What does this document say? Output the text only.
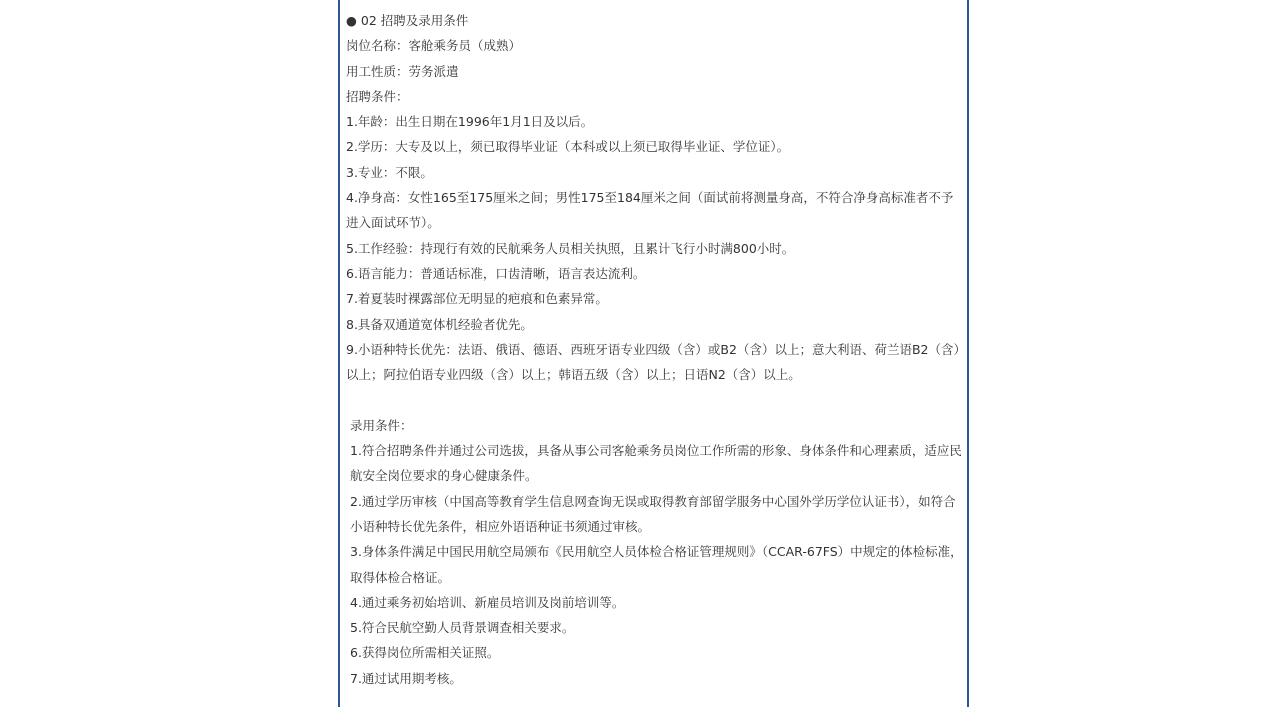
● 02 招聘及录用条件
岗位名称：客舱乘务员（成熟）
用工性质：劳务派遣
招聘条件：
1.年龄：出生日期在1996年1月1日及以后。
2.学历：大专及以上，须已取得毕业证（本科或以上须已取得毕业证、学位证）。
3.专业：不限。
4.净身高：女性165至175厘米之间；男性175至184厘米之间（面试前将测量身高，不符合净身高标准者不予进入面试环节）。
5.工作经验：持现行有效的民航乘务人员相关执照，且累计飞行小时满800小时。
6.语言能力：普通话标准，口齿清晰，语言表达流利。
7.着夏装时裸露部位无明显的疤痕和色素异常。
8.具备双通道宽体机经验者优先。
9.小语种特长优先：法语、俄语、德语、西班牙语专业四级（含）或B2（含）以上；意大利语、荷兰语B2（含）以上；阿拉伯语专业四级（含）以上；韩语五级（含）以上；日语N2（含）以上。
录用条件：
1.符合招聘条件并通过公司选拔，具备从事公司客舱乘务员岗位工作所需的形象、身体条件和心理素质，适应民航安全岗位要求的身心健康条件。
2.通过学历审核（中国高等教育学生信息网查询无误或取得教育部留学服务中心国外学历学位认证书），如符合小语种特长优先条件，相应外语语种证书须通过审核。
3.身体条件满足中国民用航空局颁布《民用航空人员体检合格证管理规则》（CCAR-67FS）中规定的体检标准，取得体检合格证。
4.通过乘务初始培训、新雇员培训及岗前培训等。
5.符合民航空勤人员背景调查相关要求。
6.获得岗位所需相关证照。
7.通过试用期考核。
